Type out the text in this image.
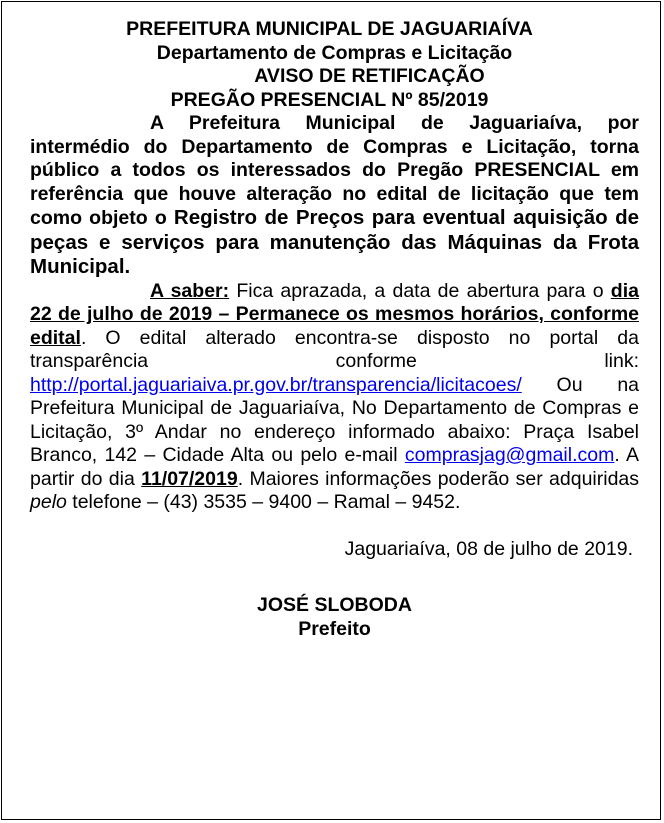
PREFEITURA MUNICIPAL DE JAGUARIAÍVA
Departamento de Compras e Licitação
AVISO DE RETIFICAÇÃO
PREGÃO PRESENCIAL Nº 85/2019
A Prefeitura Municipal de Jaguariaíva, por intermédio do Departamento de Compras e Licitação, torna público a todos os interessados do Pregão PRESENCIAL em referência que houve alteração no edital de licitação que tem como objeto o Registro de Preços para eventual aquisição de peças e serviços para manutenção das Máquinas da Frota Municipal.
A saber: Fica aprazada, a data de abertura para o dia 22 de julho de 2019 – Permanece os mesmos horários, conforme edital. O edital alterado encontra-se disposto no portal da transparência conforme link: http://portal.jaguariaiva.pr.gov.br/transparencia/licitacoes/ Ou na Prefeitura Municipal de Jaguariaíva, No Departamento de Compras e Licitação, 3º Andar no endereço informado abaixo: Praça Isabel Branco, 142 – Cidade Alta ou pelo e-mail comprasjag@gmail.com. A partir do dia 11/07/2019. Maiores informações poderão ser adquiridas pelo telefone – (43) 3535 – 9400 – Ramal – 9452.
Jaguariaíva, 08 de julho de 2019.
JOSÉ SLOBODA
Prefeito
